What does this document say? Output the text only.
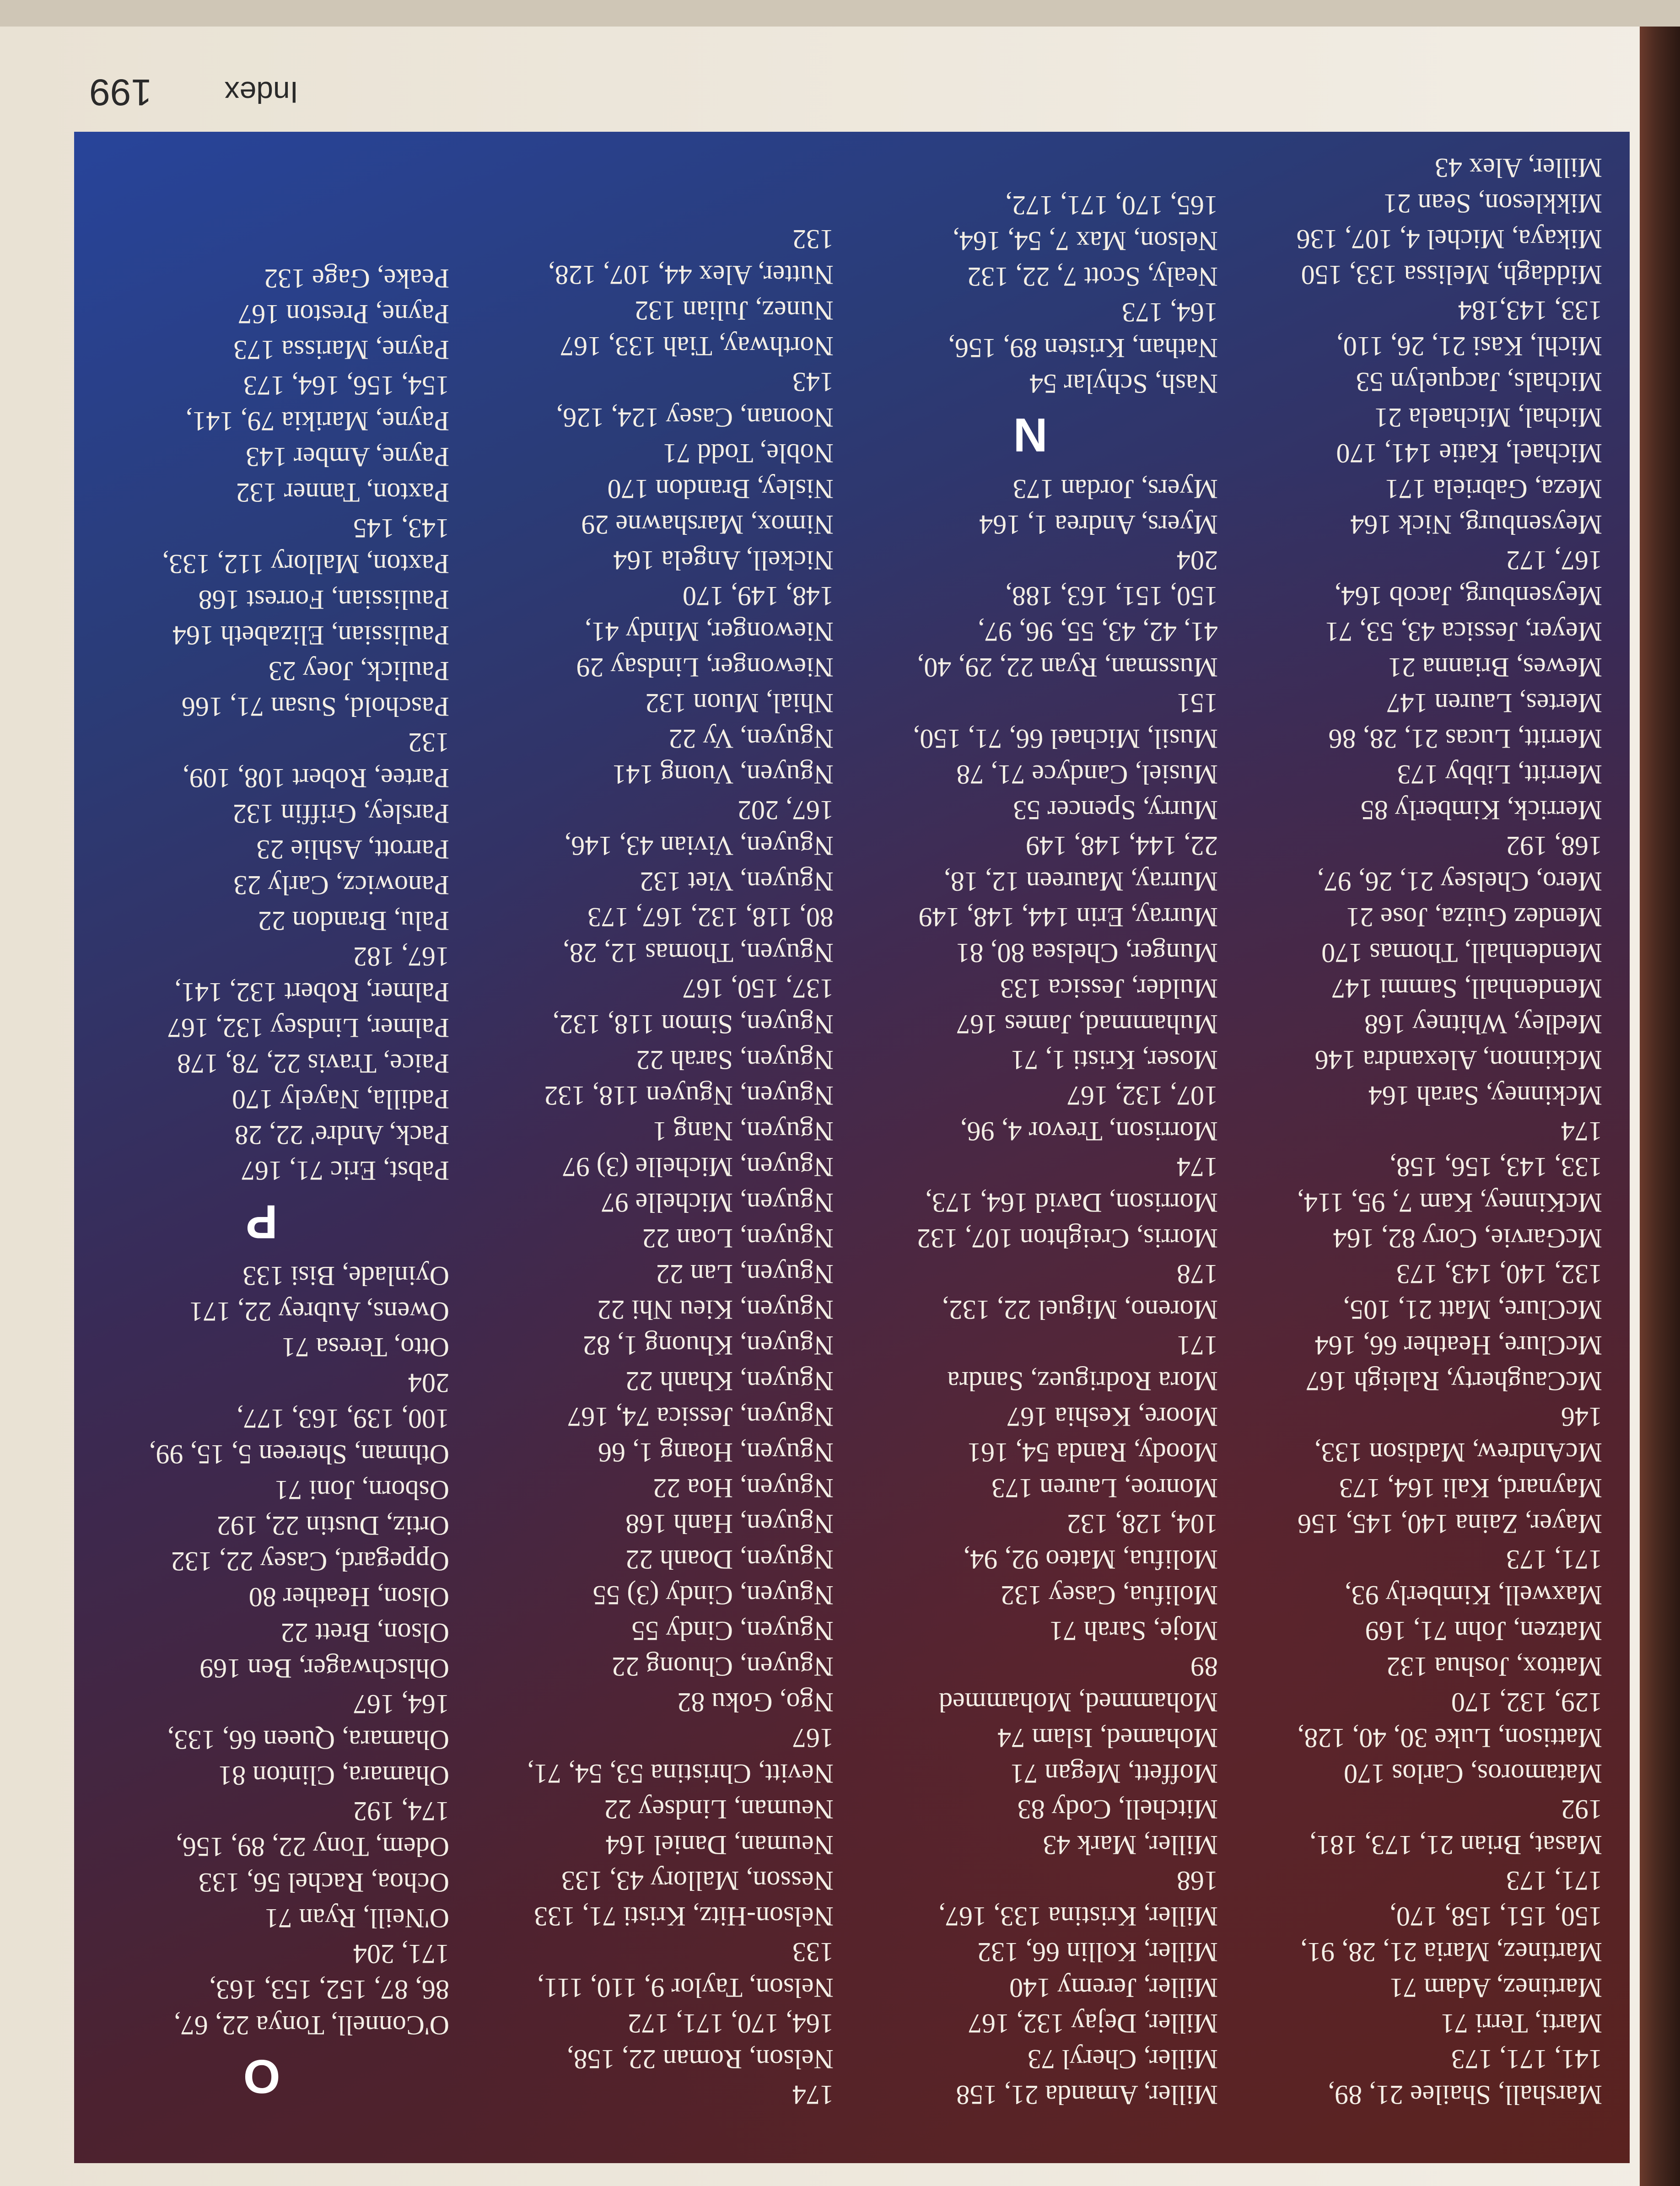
Marshall, Shailee 21, 89,
141, 171, 173
Marti, Terri 71
Martinez, Adam 71
Martinez, Maria 21, 28, 91,
150, 151, 158, 170,
171, 173
Masat, Brian 21, 173, 181,
192
Matamoros, Carlos 170
Mattison, Luke 30, 40, 128,
129, 132, 170
Mattox, Joshua 132
Matzen, John 71, 169
Maxwell, Kimberly 93,
171, 173
Mayer, Zaina 140, 145, 156
Maynard, Kali 164, 173
McAndrew, Madison 133,
146
McCaugherty, Raleigh 167
McClure, Heather 66, 164
McClure, Matt 21, 105,
132, 140, 143, 173
McGarvie, Cory 82, 164
McKinney, Kam 7, 95, 114,
133, 143, 156, 158,
174
Mckinney, Sarah 164
Mckinnon, Alexandra 146
Medley, Whitney 168
Mendenhall, Sammi 147
Mendenhall, Thomas 170
Mendez Guiza, Jose 21
Mero, Chelsey 21, 26, 97,
168, 192
Merrick, Kimberly 85
Merritt, Libby 173
Merritt, Lucas 21, 28, 86
Mertes, Lauren 147
Mewes, Brianna 21
Meyer, Jessica 43, 53, 71
Meysenburg, Jacob 164,
167, 172
Meysenburg, Nick 164
Meza, Gabriela 171
Michael, Katie 141, 170
Michal, Michaela 21
Michals, Jacquelyn 53
Michl, Kasi 21, 26, 110,
133, 143,184
Middagh, Melissa 133, 150
Mikaya, Michel 4, 107, 136
Mikkleson, Sean 21
Miller, Alex 43
Miller, Amanda 21, 158
Miller, Cheryl 73
Miller, Dejay 132, 167
Miller, Jeremy 140
Miller, Kollin 66, 132
Miller, Kristina 133, 167,
168
Miller, Mark 43
Mitchell, Cody 83
Moffett, Megan 71
Mohamed, Islam 74
Mohammed, Mohammed
89
Moje, Sarah 71
Molifua, Casey 132
Molifua, Mateo 92, 94,
104, 128, 132
Monroe, Lauren 173
Moody, Randa 54, 161
Moore, Keshia 167
Mora Rodriguez, Sandra
171
Moreno, Miguel 22, 132,
178
Morris, Creighton 107, 132
Morrison, David 164, 173,
174
Morrison, Trevor 4, 96,
107, 132, 167
Moser, Kristi 1, 71
Muhammad, James 167
Mulder, Jessica 133
Munger, Chelsea 80, 81
Murray, Erin 144, 148, 149
Murray, Maureen 12, 18,
22, 144, 148, 149
Murry, Spencer 53
Musiel, Candyce 71, 78
Musil, Michael 66, 71, 150,
151
Mussman, Ryan 22, 29, 40,
41, 42, 43, 55, 96, 97,
150, 151, 163, 188,
204
Myers, Andrea 1, 164
Myers, Jordan 173
N
Nash, Schylar 54
Nathan, Kristen 89, 156,
164, 173
Nealy, Scott 7, 22, 132
Nelson, Max 7, 54, 164,
165, 170, 171, 172,
174
Nelson, Roman 22, 158,
164, 170, 171, 172
Nelson, Taylor 9, 110, 111,
133
Nelson-Hitz, Kristi 71, 133
Nesson, Mallory 43, 133
Neuman, Daniel 164
Neuman, Lindsey 22
Nevitt, Christina 53, 54, 71,
167
Ngo, Goku 82
Nguyen, Chuong 22
Nguyen, Cindy 55
Nguyen, Cindy (3) 55
Nguyen, Doanh 22
Nguyen, Hanh 168
Nguyen, Hoa 22
Nguyen, Hoang 1, 66
Nguyen, Jessica 74, 167
Nguyen, Khanh 22
Nguyen, Khuong 1, 82
Nguyen, Kieu Nhi 22
Nguyen, Lan 22
Nguyen, Loan 22
Nguyen, Michelle 97
Nguyen, Michelle (3) 97
Nguyen, Nang 1
Nguyen, Nguyen 118, 132
Nguyen, Sarah 22
Nguyen, Simon 118, 132,
137, 150, 167
Nguyen, Thomas 12, 28,
80, 118, 132, 167, 173
Nguyen, Viet 132
Nguyen, Vivian 43, 146,
167, 202
Nguyen, Vuong 141
Nguyen, Vy 22
Nhial, Muon 132
Niewonger, Lindsay 29
Niewonger, Mindy 41,
148, 149, 170
Nickell, Angela 164
Nimox, Marshawne 29
Nisley, Brandon 170
Noble, Todd 71
Noonan, Casey 124, 126,
143
Northway, Tiah 133, 167
Nunez, Julian 132
Nutter, Alex 44, 107, 128,
132
O
O'Connell, Tonya 22, 67,
86, 87, 152, 153, 163,
171, 204
O'Neill, Ryan 71
Ochoa, Rachel 56, 133
Odem, Tony 22, 89, 156,
174, 192
Ohamara, Clinton 81
Ohamara, Queen 66, 133,
164, 167
Ohlschwager, Ben 169
Olson, Brett 22
Olson, Heather 80
Oppegard, Casey 22, 132
Ortiz, Dustin 22, 192
Osborn, Joni 71
Othman, Shereen 5, 15, 99,
100, 139, 163, 177,
204
Otto, Teresa 71
Owens, Aubrey 22, 171
Oyinlade, Bisi 133
P
Pabst, Eric 71, 167
Pack, Andre' 22, 28
Padilla, Nayely 170
Paice, Travis 22, 78, 178
Palmer, Lindsey 132, 167
Palmer, Robert 132, 141,
167, 182
Palu, Brandon 22
Panowicz, Carly 23
Parrott, Ashlie 23
Parsley, Griffin 132
Partee, Robert 108, 109,
132
Paschold, Susan 71, 166
Paulick, Joey 23
Paulissian, Elizabeth 164
Paulissian, Forrest 168
Paxton, Mallory 112, 133,
143, 145
Paxton, Tanner 132
Payne, Amber 143
Payne, Marikia 79, 141,
154, 156, 164, 173
Payne, Marissa 173
Payne, Preston 167
Peake, Gage 132
Index
199
